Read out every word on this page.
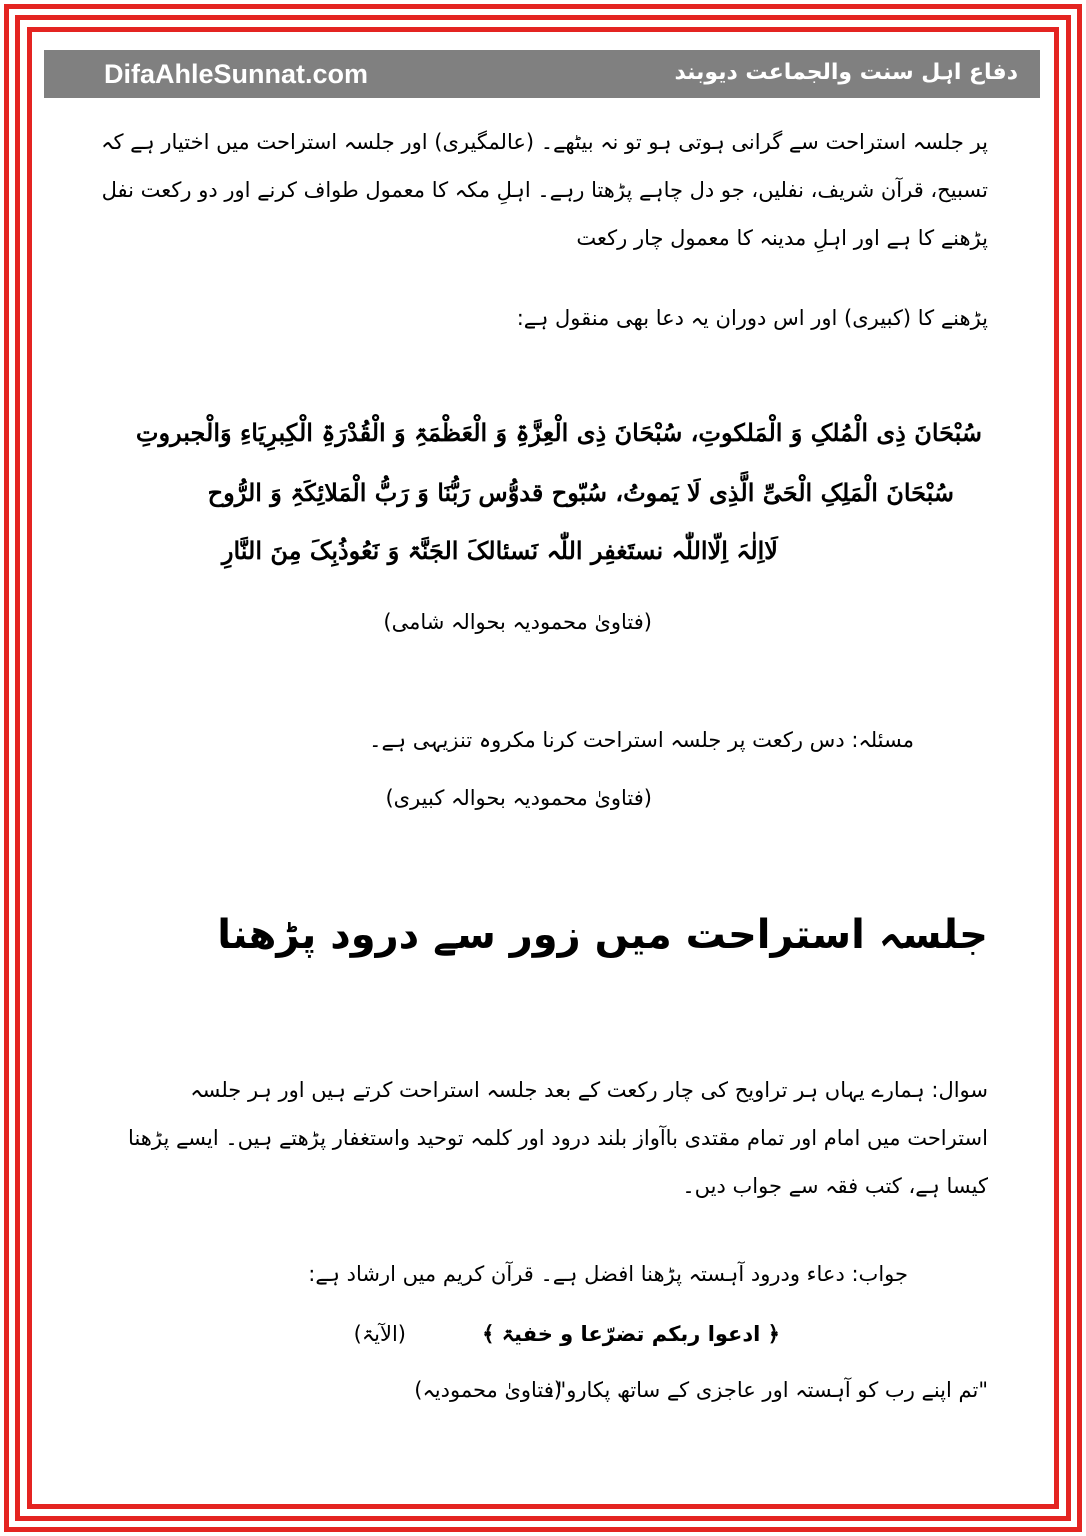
DifaAhleSunnat.com	دفاع اہل سنت والجماعت دیوبند

پر جلسہ استراحت سے گرانی ہوتی ہو تو نہ بیٹھے۔ (عالمگیری) اور جلسہ استراحت میں اختیار ہے کہ تسبیح، قرآن شریف، نفلیں، جو دل چاہے پڑھتا رہے۔ اہلِ مکہ کا معمول طواف کرنے اور دو رکعت نفل پڑھنے کا ہے اور اہلِ مدینہ کا معمول چار رکعت

پڑھنے کا (کبیری) اور اس دوران یہ دعا بھی منقول ہے:

سُبْحَانَ ذِی الْمُلکِ وَ الْمَلکوتِ، سُبْحَانَ ذِی الْعِزَّۃِ وَ الْعَظْمَۃِ وَ الْقُدْرَۃِ الْکِبرِیَاءِ وَالْجبروتِ

سُبْحَانَ الْمَلِکِ الْحَیِّ الَّذِی لَا یَموتُ، سُبّوح قدوُّس رَبُّنَا وَ رَبُّ الْمَلائِکَۃِ وَ الرُّوح

لَااِلٰہَ اِلّااللّٰہ نستَغفِر اللّٰہ نَسئالکَ الجَنَّۃ وَ نَعُوذُبِکَ مِنَ النَّارِ

(فتاویٰ محمودیہ بحوالہ شامی)

مسئلہ: دس رکعت پر جلسہ استراحت کرنا مکروہ تنزیہی ہے۔

(فتاویٰ محمودیہ بحوالہ کبیری)

جلسہ استراحت میں زور سے درود پڑھنا

سوال: ہمارے یہاں ہر تراویح کی چار رکعت کے بعد جلسہ استراحت کرتے ہیں اور ہر جلسہ استراحت میں امام اور تمام مقتدی باآواز بلند درود اور کلمہ توحید واستغفار پڑھتے ہیں۔ ایسے پڑھنا کیسا ہے، کتب فقہ سے جواب دیں۔

جواب: دعاء ودرود آہستہ پڑھنا افضل ہے۔ قرآن کریم میں ارشاد ہے:

﴿ ادعوا ربکم تضرّعا و خفیۃ ﴾

(الآیۃ)

"تم اپنے رب کو آہستہ اور عاجزی کے ساتھ پکارو"۔

(فتاویٰ محمودیہ)
